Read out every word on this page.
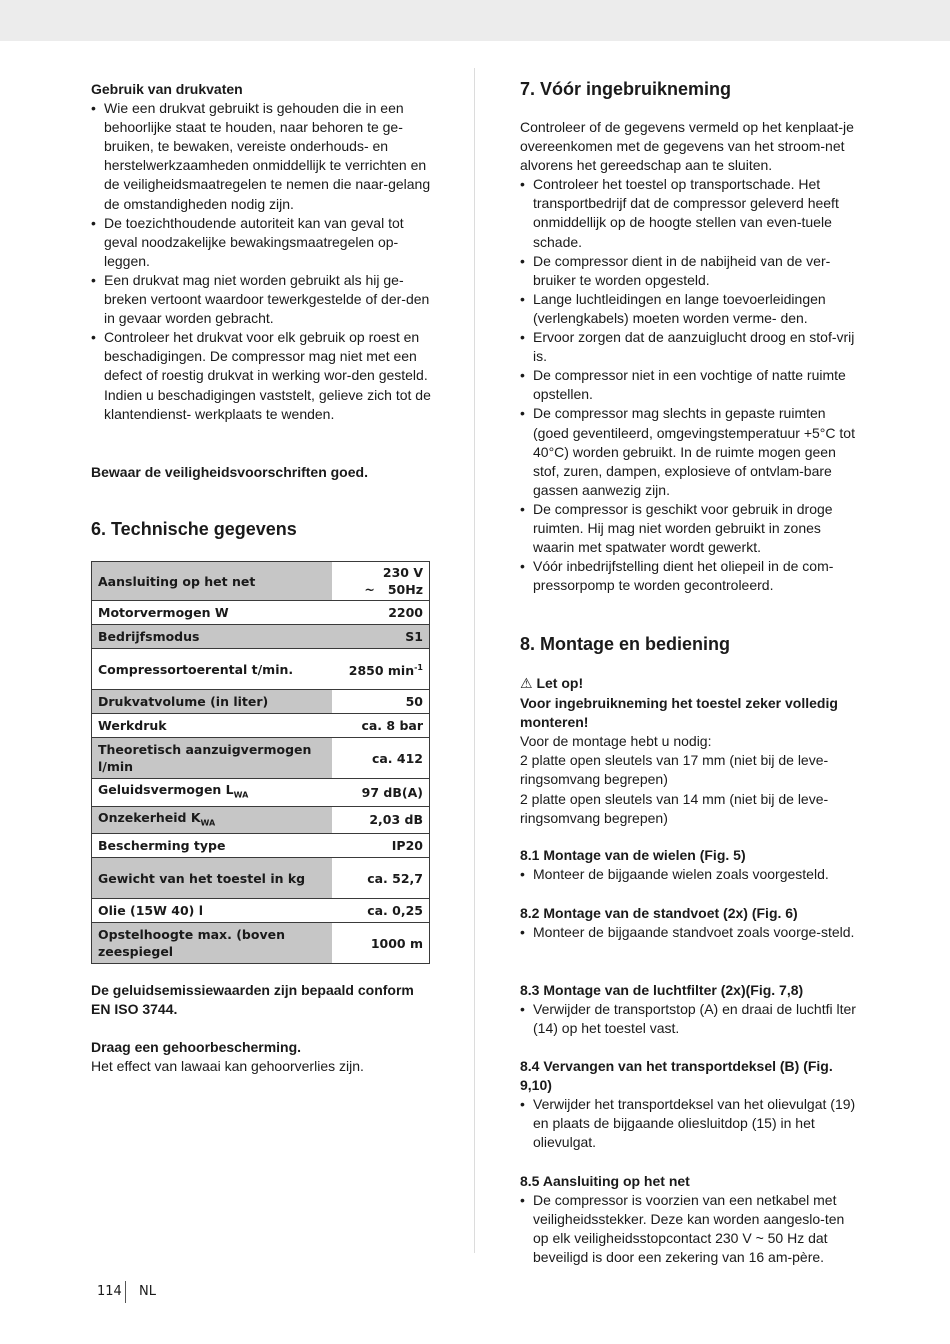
Gebruik van drukvaten

• Wie een drukvat gebruikt is gehouden die in een behoorlijke staat te houden, naar behoren te ge-bruiken, te bewaken, vereiste onderhouds- en herstelwerkzaamheden onmiddellijk te verrichten en de veiligheidsmaatregelen te nemen die naar-gelang de omstandigheden nodig zijn.
• De toezichthoudende autoriteit kan van geval tot geval noodzakelijke bewakingsmaatregelen op-leggen.
• Een drukvat mag niet worden gebruikt als hij ge-breken vertoont waardoor tewerkgestelde of der-den in gevaar worden gebracht.
• Controleer het drukvat voor elk gebruik op roest en beschadigingen. De compressor mag niet met een defect of roestig drukvat in werking wor-den gesteld. Indien u beschadigingen vaststelt, gelieve zich tot de klantendienst- werkplaats te wenden.
Bewaar de veiligheidsvoorschriften goed.
6. Technische gegevens
Aansluiting op het net	230 V ~ 50Hz
Motorvermogen W	2200
Bedrijfsmodus	S1
Compressortoerental t/min.	2850 $\min^{-1}$
Drukvatvolume (in liter)	50
Werkdruk	ca. 8 bar
Theoretisch aanzuigvermogen l/min	ca. 412
Geluidsvermogen $L_{WA}$	97 dB(A)
Onzekerheid $K_{WA}$	2,03 dB
Bescherming type	IP20
Gewicht van het toestel in kg	ca. 52,7
Olie (15W 40) l	ca. 0,25
Opstelhoogte max. (boven zeespiegel	1000 m
De geluidsemissiewaarden zijn bepaald conform EN ISO 3744.

Draag een gehoorbescherming.

Het effect van lawaai kan gehoorverlies zijn.

7. Vóór ingebruikneming

Controleer of de gegevens vermeld op het kenplaat-je overeenkomen met de gegevens van het stroom-net alvorens het gereedschap aan te sluiten.

• Controleer het toestel op transportschade. Het transportbedrijf dat de compressor geleverd heeft onmiddellijk op de hoogte stellen van even-tuele schade.
• De compressor dient in de nabijheid van de ver-bruiker te worden opgesteld.
• Lange luchtleidingen en lange toevoerleidingen (verlengkabels) moeten worden verme- den.
• Ervoor zorgen dat de aanzuiglucht droog en stof-vrij is.
• De compressor niet in een vochtige of natte ruimte opstellen.
• De compressor mag slechts in gepaste ruimten (goed geventileerd, omgevingstemperatuur +5°C tot 40°C) worden gebruikt. In de ruimte mogen geen stof, zuren, dampen, explosieve of ontvlam-bare gassen aanwezig zijn.
• De compressor is geschikt voor gebruik in droge ruimten. Hij mag niet worden gebruikt in zones waarin met spatwater wordt gewerkt.
• Vóór inbedrijfstelling dient het oliepeil in de com-pressorpomp te worden gecontroleerd.
8. Montage en bediening

⚠ Let op!

Voor ingebruikneming het toestel zeker volledig monteren!

Voor de montage hebt u nodig:

2 platte open sleutels van 17 mm (niet bij de leve-ringsomvang begrepen)

2 platte open sleutels van 14 mm (niet bij de leve-ringsomvang begrepen)

8.1 Montage van de wielen (Fig. 5)

• Monteer de bijgaande wielen zoals voorgesteld.

8.2 Montage van de standvoet (2x) (Fig. 6)

• Monteer de bijgaande standvoet zoals voorge-steld.

8.3 Montage van de luchtfilter (2x)(Fig. 7,8)

• Verwijder de transportstop (A) en draai de luchtfi lter (14) op het toestel vast.

8.4 Vervangen van het transportdeksel (B) (Fig. 9,10)

• Verwijder het transportdeksel van het olievulgat (19) en plaats de bijgaande oliesluitdop (15) in het olievulgat.

8.5 Aansluiting op het net

• De compressor is voorzien van een netkabel met veiligheidsstekker. Deze kan worden aangeslo-ten op elk veiligheidsstopcontact 230 V ~ 50 Hz dat beveiligd is door een zekering van 16 am-père.
114 NL
